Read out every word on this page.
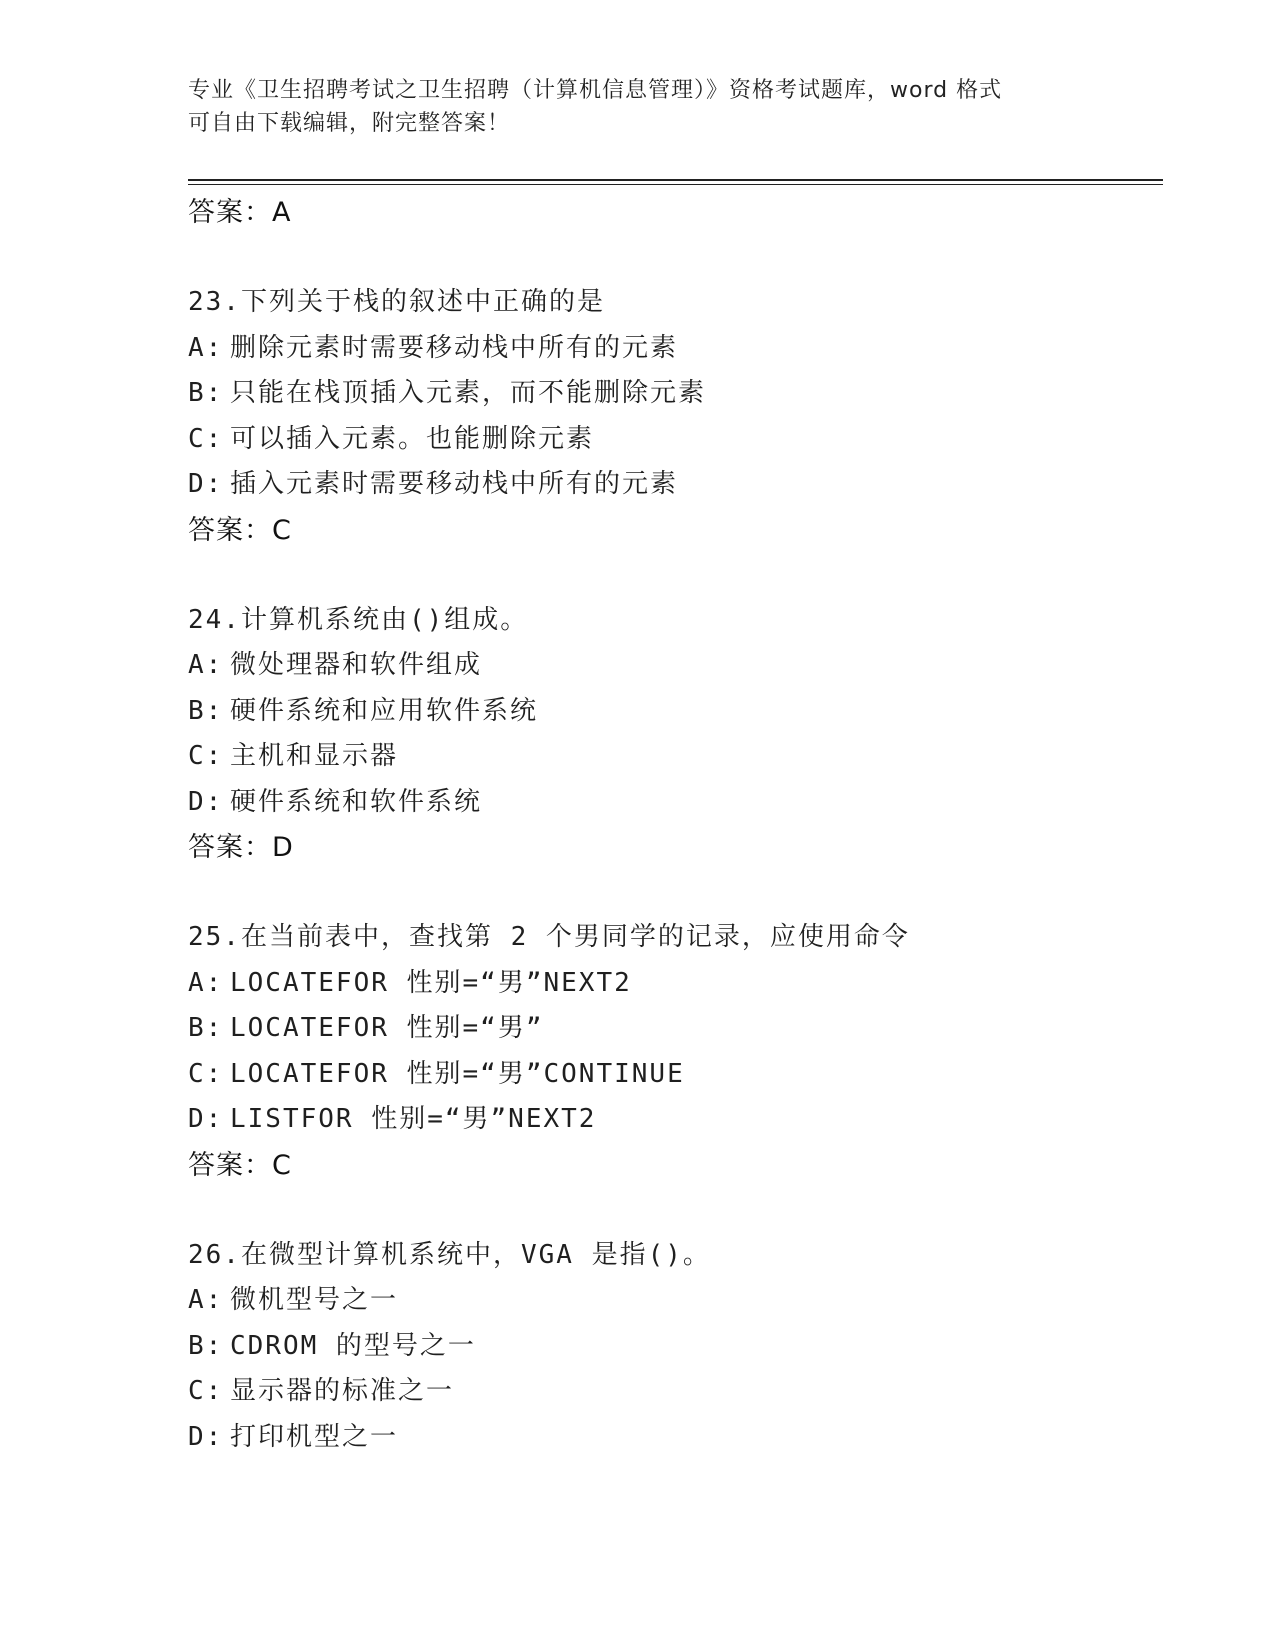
专业《卫生招聘考试之卫生招聘（计算机信息管理）》资格考试题库，word 格式
可自由下载编辑，附完整答案！
答案：A
23.下列关于栈的叙述中正确的是
A: 删除元素时需要移动栈中所有的元素
B: 只能在栈顶插入元素，而不能删除元素
C: 可以插入元素。也能删除元素
D: 插入元素时需要移动栈中所有的元素
答案：C
24.计算机系统由()组成。
A: 微处理器和软件组成
B: 硬件系统和应用软件系统
C: 主机和显示器
D: 硬件系统和软件系统
答案：D
25.在当前表中，查找第 2 个男同学的记录，应使用命令
A: LOCATEFOR 性别=“男”NEXT2
B: LOCATEFOR 性别=“男”
C: LOCATEFOR 性别=“男”CONTINUE
D: LISTFOR 性别=“男”NEXT2
答案：C
26.在微型计算机系统中，VGA 是指()。
A: 微机型号之一
B: CDROM 的型号之一
C: 显示器的标准之一
D: 打印机型之一
